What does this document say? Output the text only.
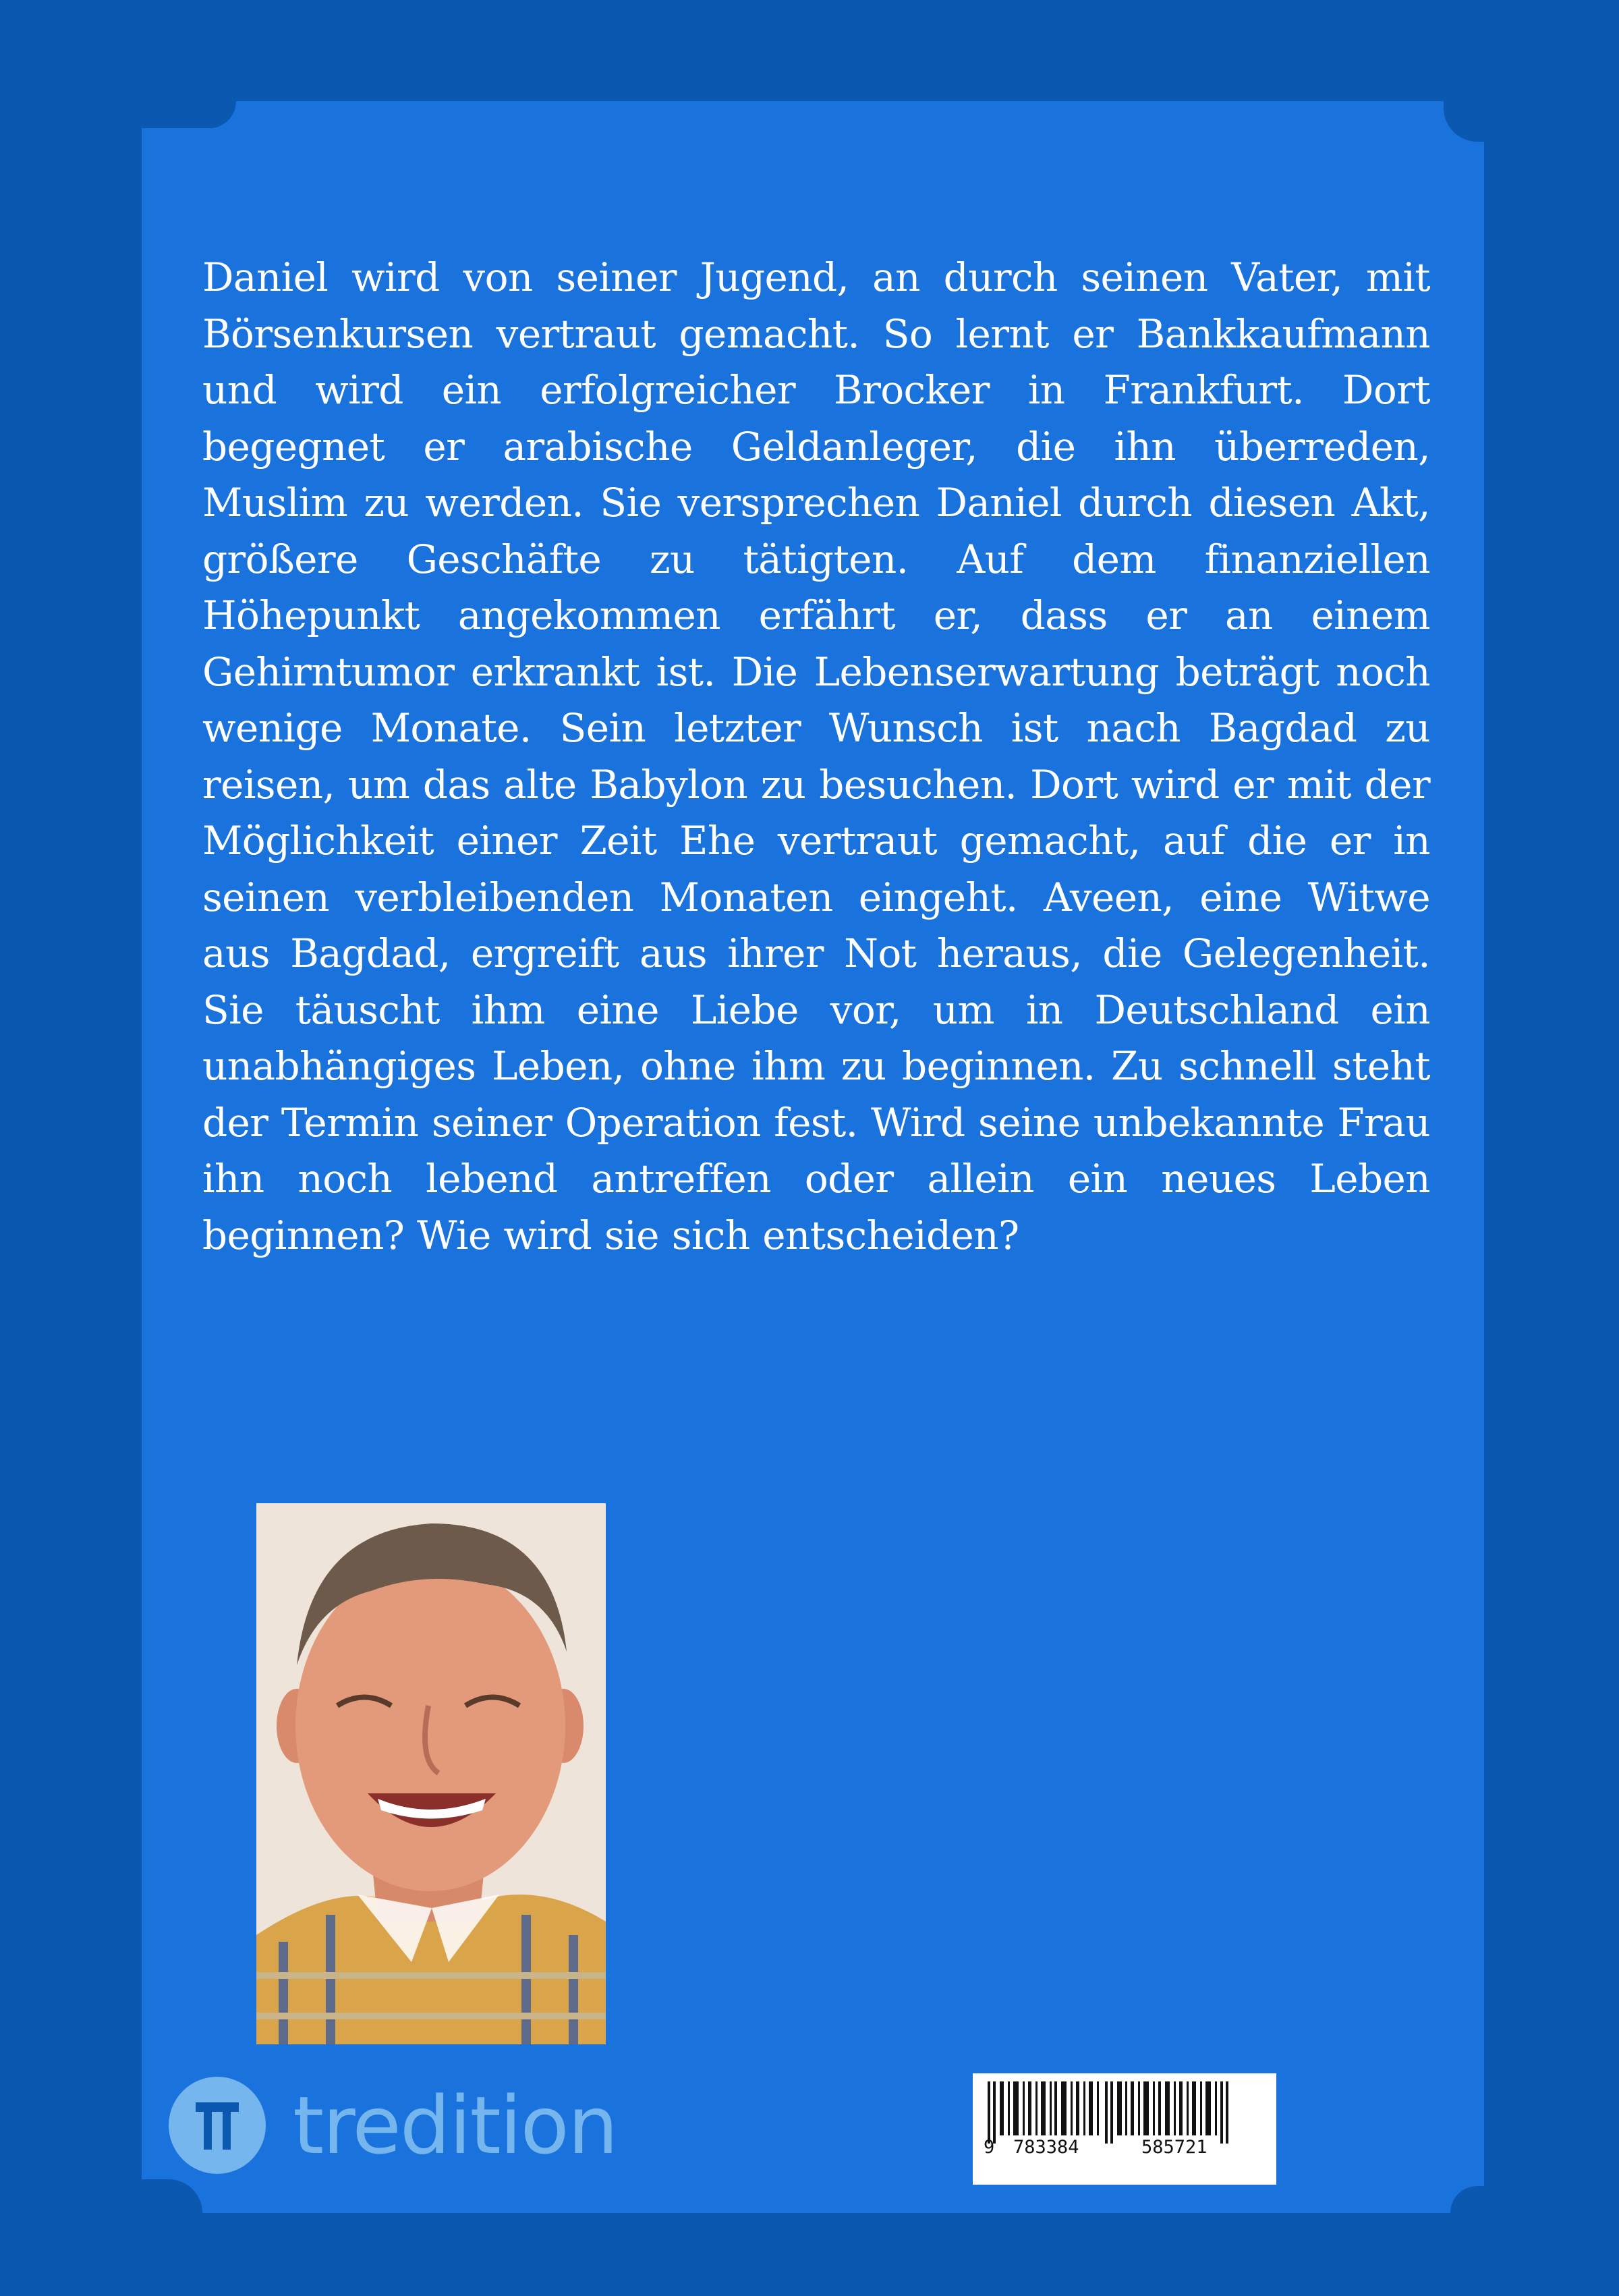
Daniel wird von seiner Jugend, an durch seinen Vater, mit Börsenkursen vertraut gemacht. So lernt er Bankkaufmann und wird ein erfolgreicher Brocker in Frankfurt. Dort begegnet er arabische Geldanleger, die ihn überreden, Muslim zu werden. Sie versprechen Daniel durch diesen Akt, größere Geschäfte zu tätigten. Auf dem finanziellen Höhepunkt angekommen erfährt er, dass er an einem Gehirntumor erkrankt ist. Die Lebenserwartung beträgt noch wenige Monate. Sein letzter Wunsch ist nach Bagdad zu reisen, um das alte Babylon zu besuchen. Dort wird er mit der Möglichkeit einer Zeit Ehe vertraut gemacht, auf die er in seinen verbleibenden Monaten eingeht. Aveen, eine Witwe aus Bagdad, ergreift aus ihrer Not heraus, die Gelegenheit. Sie täuscht ihm eine Liebe vor, um in Deutschland ein unabhängiges Leben, ohne ihm zu beginnen. Zu schnell steht der Termin seiner Operation fest. Wird seine unbekannte Frau ihn noch lebend antreffen oder allein ein neues Leben beginnen? Wie wird sie sich entscheiden?

tredition	9 783384	585721
